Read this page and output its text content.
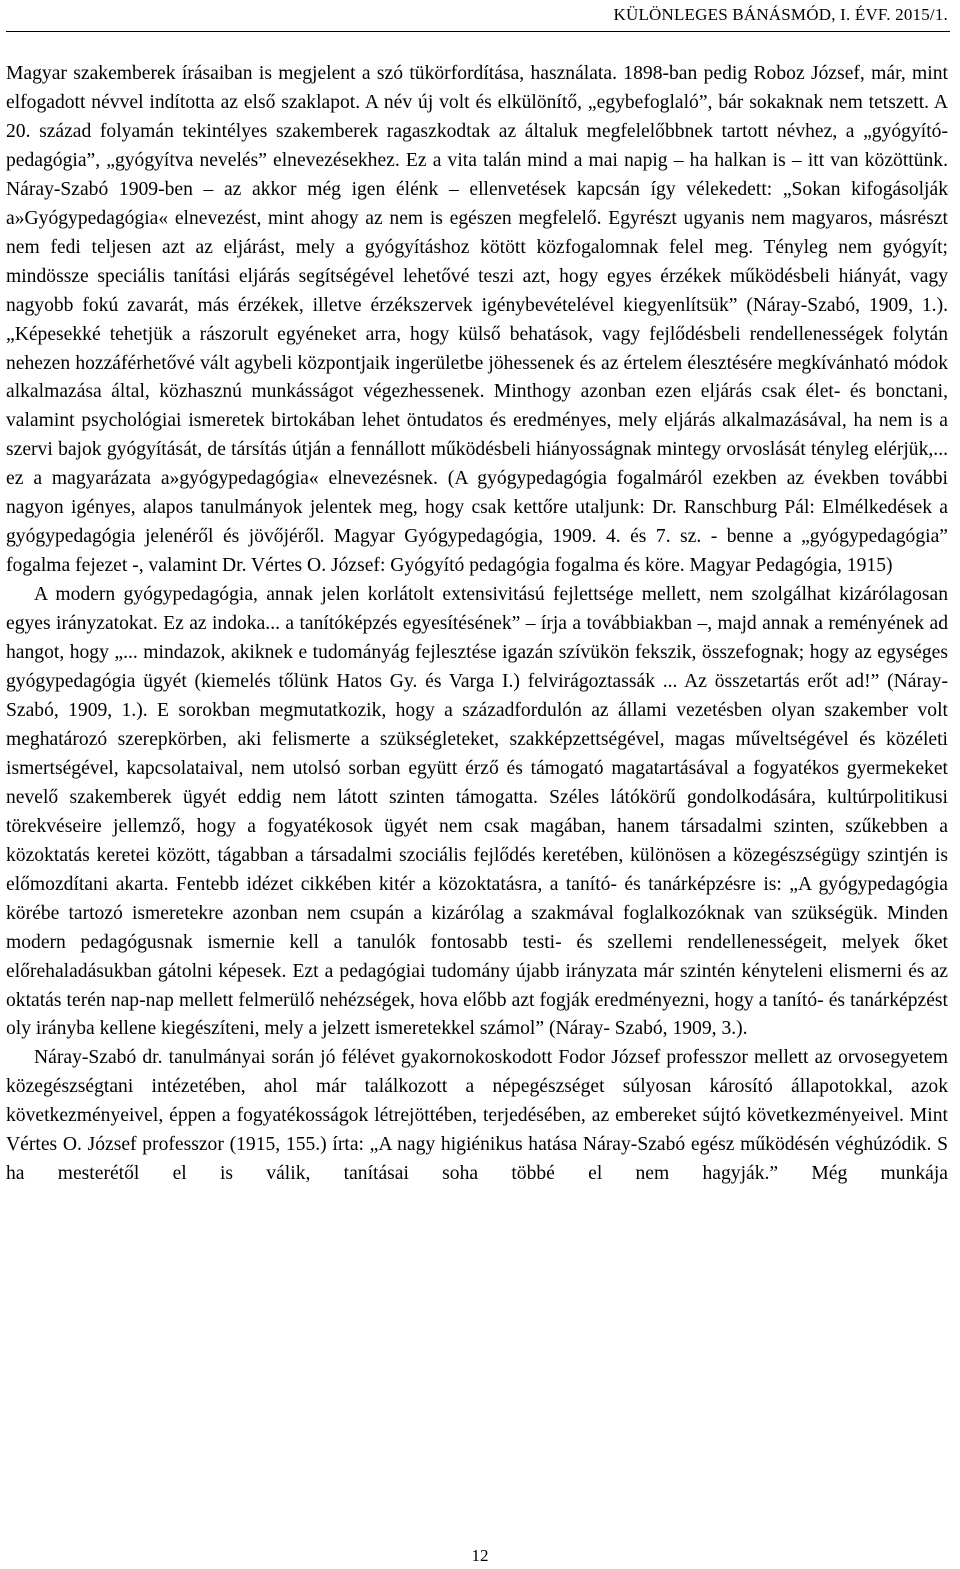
KÜLÖNLEGES BÁNÁSMÓD, I. ÉVF. 2015/1.

Magyar szakemberek írásaiban is megjelent a szó tükörfordítása, használata. 1898-ban pedig Roboz József, már, mint elfogadott névvel indította az első szaklapot. A név új volt és elkülönítő, „egybefoglaló”, bár sokaknak nem tetszett. A 20. század folyamán tekintélyes szakemberek ragaszkodtak az általuk megfelelőbbnek tartott névhez, a „gyógyító-pedagógia”, „gyógyítva nevelés” elnevezésekhez. Ez a vita talán mind a mai napig – ha halkan is – itt van közöttünk. Náray-Szabó 1909-ben – az akkor még igen élénk – ellenvetések kapcsán így vélekedett: „Sokan kifogásolják a»Gyógypedagógia« elnevezést, mint ahogy az nem is egészen megfelelő. Egyrészt ugyanis nem magyaros, másrészt nem fedi teljesen azt az eljárást, mely a gyógyításhoz kötött közfogalomnak felel meg. Tényleg nem gyógyít; mindössze speciális tanítási eljárás segítségével lehetővé teszi azt, hogy egyes érzékek működésbeli hiányát, vagy nagyobb fokú zavarát, más érzékek, illetve érzékszervek igénybevételével kiegyenlítsük” (Náray-Szabó, 1909, 1.). „Képesekké tehetjük a rászorult egyéneket arra, hogy külső behatások, vagy fejlődésbeli rendellenességek folytán nehezen hozzáférhetővé vált agybeli központjaik ingerületbe jöhessenek és az értelem élesztésére megkívánható módok alkalmazása által, közhasznú munkásságot végezhessenek. Minthogy azonban ezen eljárás csak élet- és bonctani, valamint psychológiai ismeretek birtokában lehet öntudatos és eredményes, mely eljárás alkalmazásával, ha nem is a szervi bajok gyógyítását, de társítás útján a fennállott működésbeli hiányosságnak mintegy orvoslását tényleg elérjük,... ez a magyarázata a»gyógypedagógia« elnevezésnek. (A gyógypedagógia fogalmáról ezekben az években további nagyon igényes, alapos tanulmányok jelentek meg, hogy csak kettőre utaljunk: Dr. Ranschburg Pál: Elmélkedések a gyógypedagógia jelenéről és jövőjéről. Magyar Gyógypedagógia, 1909. 4. és 7. sz. - benne a „gyógypedagógia” fogalma fejezet -, valamint Dr. Vértes O. József: Gyógyító pedagógia fogalma és köre. Magyar Pedagógia, 1915)

A modern gyógypedagógia, annak jelen korlátolt extensivitású fejlettsége mellett, nem szolgálhat kizárólagosan egyes irányzatokat. Ez az indoka... a tanítóképzés egyesítésének” – írja a továbbiakban –, majd annak a reményének ad hangot, hogy „... mindazok, akiknek e tudományág fejlesztése igazán szívükön fekszik, összefognak; hogy az egységes gyógypedagógia ügyét (kiemelés tőlünk Hatos Gy. és Varga I.) felvirágoztassák ... Az összetartás erőt ad!” (Náray-Szabó, 1909, 1.). E sorokban megmutatkozik, hogy a századfordulón az állami vezetésben olyan szakember volt meghatározó szerepkörben, aki felismerte a szükségleteket, szakképzettségével, magas műveltségével és közéleti ismertségével, kapcsolataival, nem utolsó sorban együtt érző és támogató magatartásával a fogyatékos gyermekeket nevelő szakemberek ügyét eddig nem látott szinten támogatta. Széles látókörű gondolkodására, kultúrpolitikusi törekvéseire jellemző, hogy a fogyatékosok ügyét nem csak magában, hanem társadalmi szinten, szűkebben a közoktatás keretei között, tágabban a társadalmi szociális fejlődés keretében, különösen a közegészségügy szintjén is előmozdítani akarta. Fentebb idézet cikkében kitér a közoktatásra, a tanító- és tanárképzésre is: „A gyógypedagógia körébe tartozó ismeretekre azonban nem csupán a kizárólag a szakmával foglalkozóknak van szükségük. Minden modern pedagógusnak ismernie kell a tanulók fontosabb testi- és szellemi rendellenességeit, melyek őket előrehaladásukban gátolni képesek. Ezt a pedagógiai tudomány újabb irányzata már szintén kényteleni elismerni és az oktatás terén nap-nap mellett felmerülő nehézségek, hova előbb azt fogják eredményezni, hogy a tanító- és tanárképzést oly irányba kellene kiegészíteni, mely a jelzett ismeretekkel számol” (Náray- Szabó, 1909, 3.).

Náray-Szabó dr. tanulmányai során jó félévet gyakornokoskodott Fodor József professzor mellett az orvosegyetem közegészségtani intézetében, ahol már találkozott a népegészséget súlyosan károsító állapotokkal, azok következményeivel, éppen a fogyatékosságok létrejöttében, terjedésében, az embereket sújtó következményeivel. Mint Vértes O. József professzor (1915, 155.) írta: „A nagy higiénikus hatása Náray-Szabó egész működésén véghúzódik. S ha mesterétől el is válik, tanításai soha többé el nem hagyják.” Még munkája

12
